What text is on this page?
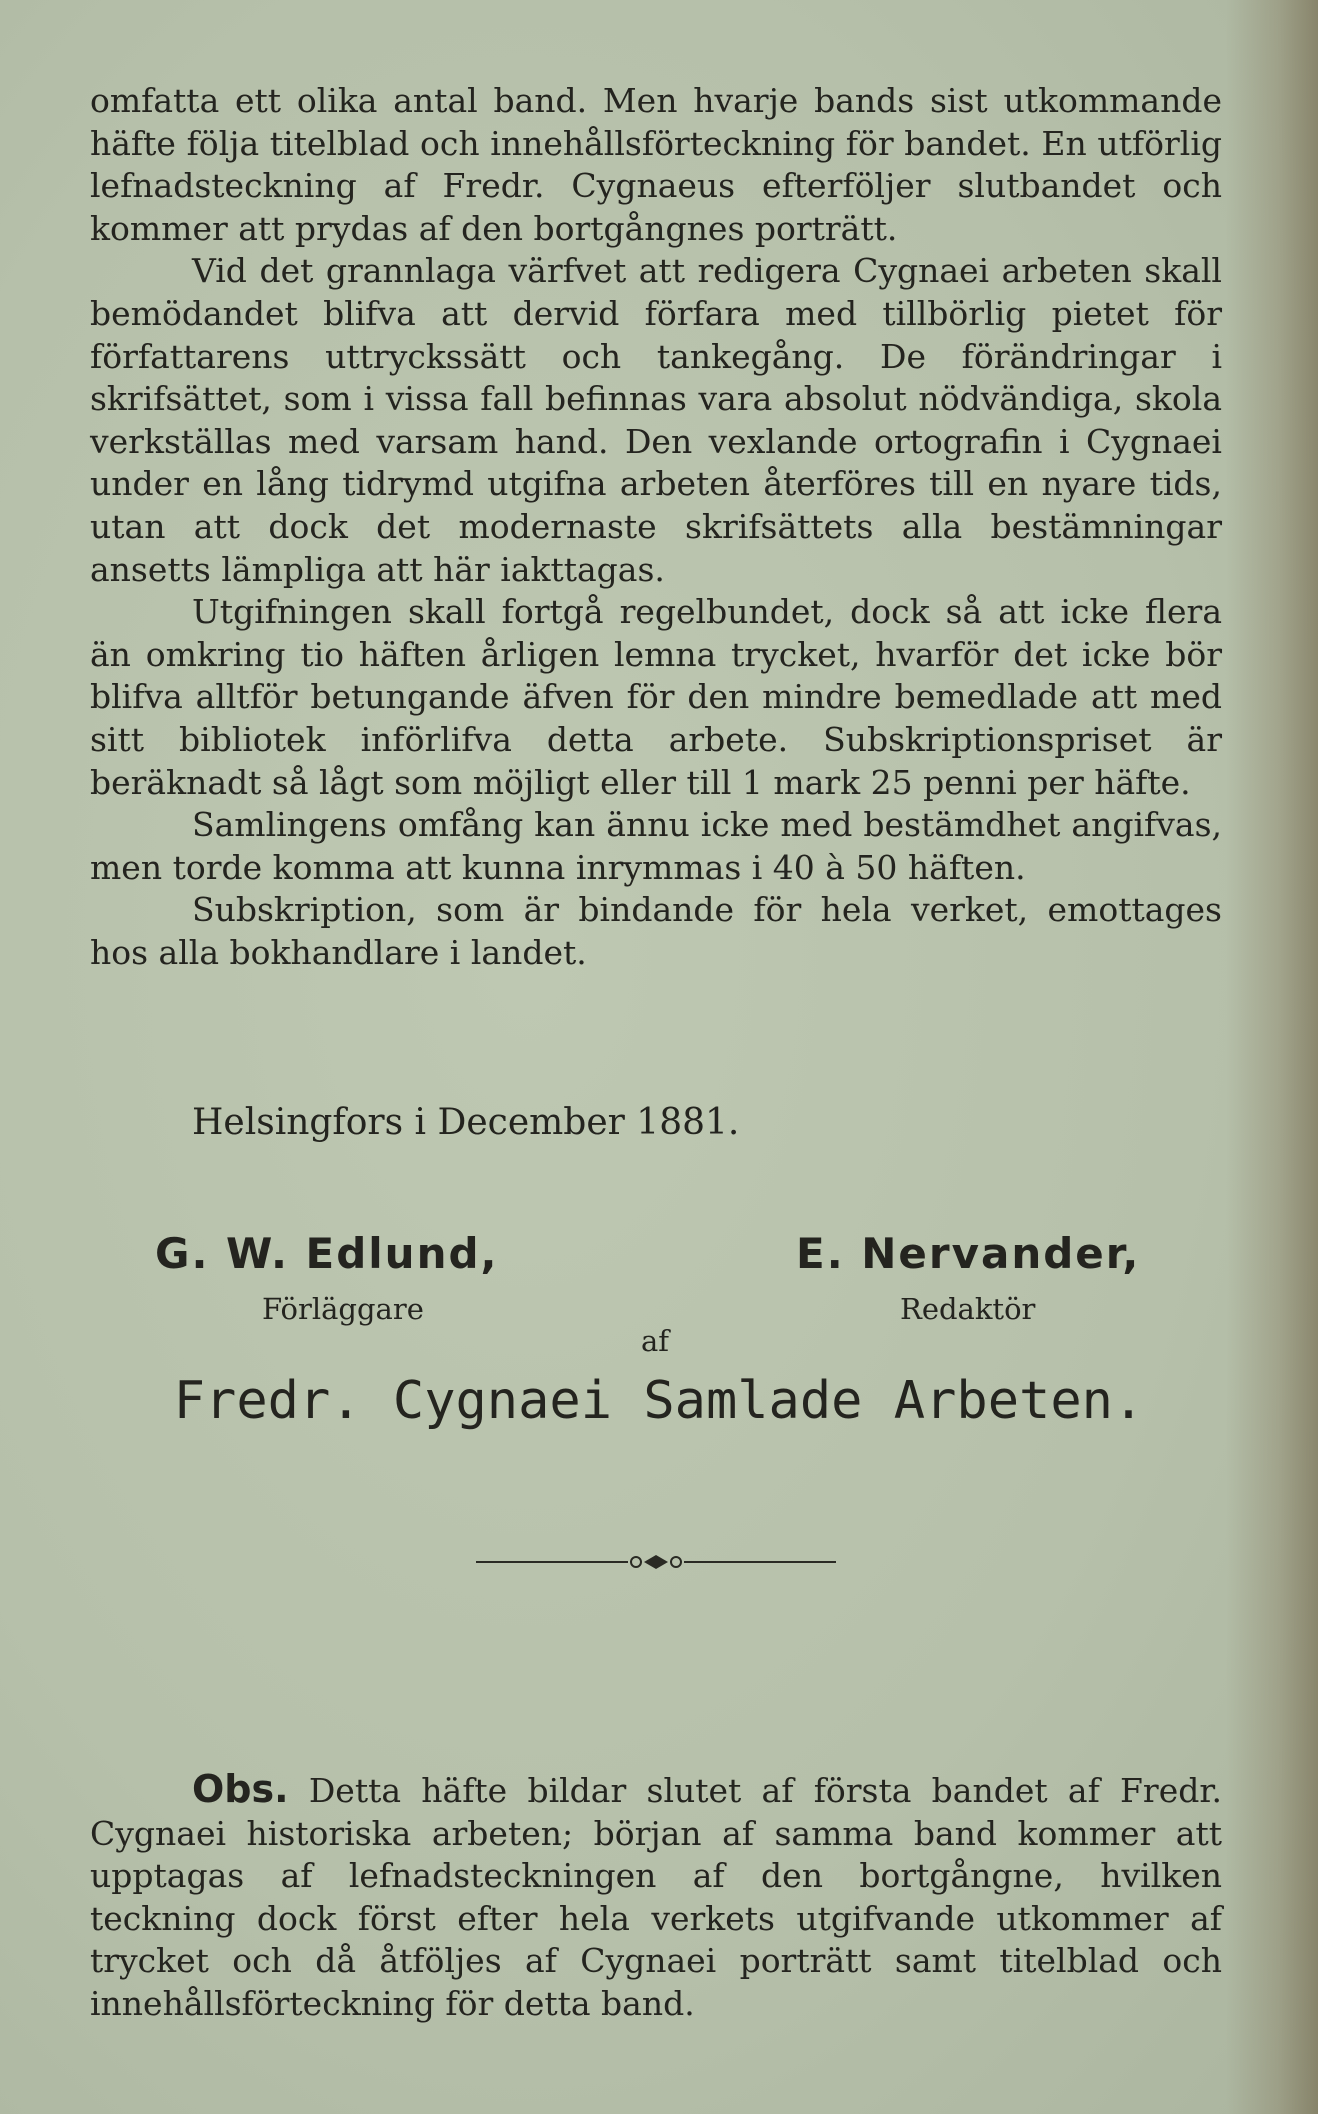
omfatta ett olika antal band. Men hvarje bands sist utkommande häfte följa titelblad och innehållsförteckning för bandet. En utförlig lefnadsteckning af Fredr. Cygnaeus efterföljer slutbandet och kommer att prydas af den bortgångnes porträtt.

Vid det grannlaga värfvet att redigera Cygnaei arbeten skall bemödandet blifva att dervid förfara med tillbörlig pietet för författarens uttryckssätt och tankegång. De förändringar i skrifsättet, som i vissa fall befinnas vara absolut nödvändiga, skola verkställas med varsam hand. Den vexlande ortografin i Cygnaei under en lång tidrymd utgifna arbeten återföres till en nyare tids, utan att dock det modernaste skrifsättets alla bestämningar ansetts lämpliga att här iakttagas.

Utgifningen skall fortgå regelbundet, dock så att icke flera än omkring tio häften årligen lemna trycket, hvarför det icke bör blifva alltför betungande äfven för den mindre bemedlade att med sitt bibliotek införlifva detta arbete. Subskriptionspriset är beräknadt så lågt som möjligt eller till 1 mark 25 penni per häfte.

Samlingens omfång kan ännu icke med bestämdhet angifvas, men torde komma att kunna inrymmas i 40 à 50 häften.

Subskription, som är bindande för hela verket, emottages hos alla bokhandlare i landet.

Helsingfors i December 1881.
G. W. Edlund,	E. Nervander,
Förläggare	Redaktör
af
Fredr. Cygnaei Samlade Arbeten.

Obs. Detta häfte bildar slutet af första bandet af Fredr. Cygnaei historiska arbeten; början af samma band kommer att upptagas af lefnadsteckningen af den bortgångne, hvilken teckning dock först efter hela verkets utgifvande utkommer af trycket och då åtföljes af Cygnaei porträtt samt titelblad och innehållsförteckning för detta band.
